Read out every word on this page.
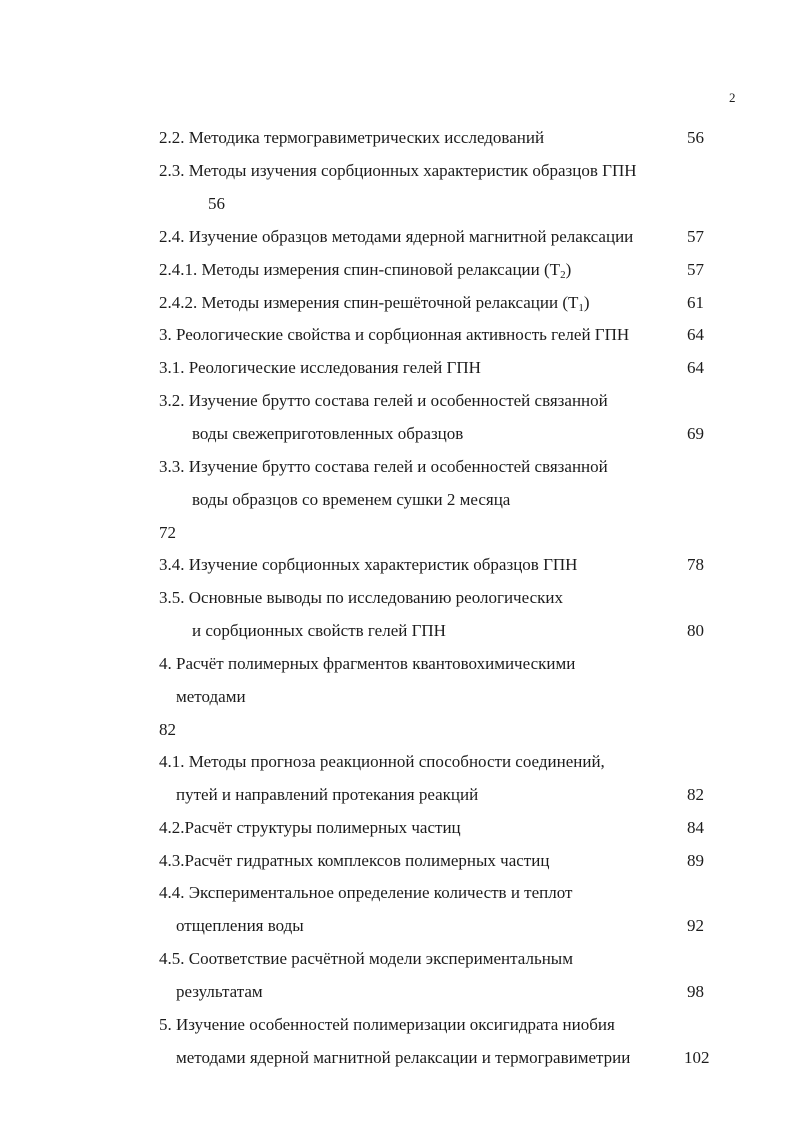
2
2.2. Методика термогравиметрических исследований	56
2.3. Методы изучения сорбционных характеристик образцов ГПН
56
2.4. Изучение образцов методами ядерной магнитной релаксации	57
2.4.1. Методы измерения спин-спиновой релаксации $(T_2)$	57
2.4.2. Методы измерения спин-решёточной релаксации $(T_1)$	61
3. Реологические свойства и сорбционная активность гелей ГПН	64
3.1. Реологические исследования гелей ГПН	64
3.2. Изучение брутто состава гелей и особенностей связанной
воды свежеприготовленных образцов	69
3.3. Изучение брутто состава гелей и особенностей связанной
воды образцов со временем сушки 2 месяца
72
3.4. Изучение сорбционных характеристик образцов ГПН	78
3.5. Основные выводы по исследованию реологических
и сорбционных свойств гелей ГПН	80
4. Расчёт полимерных фрагментов квантовохимическими
методами
82
4.1. Методы прогноза реакционной способности соединений,
путей и направлений протекания реакций	82
4.2.Расчёт структуры полимерных частиц	84
4.3.Расчёт гидратных комплексов полимерных частиц	89
4.4. Экспериментальное определение количеств и теплот
отщепления воды	92
4.5. Соответствие расчётной модели экспериментальным
результатам	98
5. Изучение особенностей полимеризации оксигидрата ниобия
методами ядерной магнитной релаксации и термогравиметрии	102
